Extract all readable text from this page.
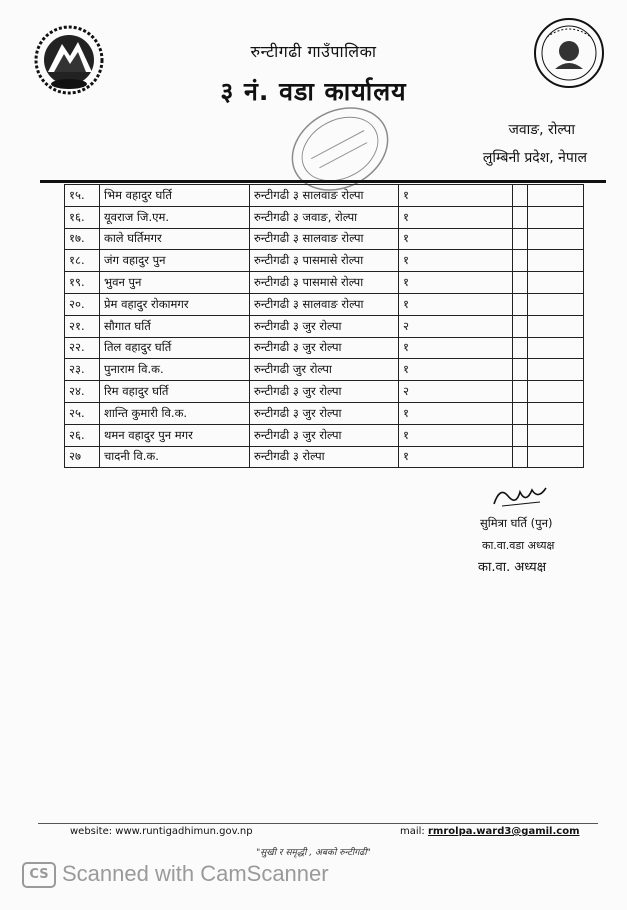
रुन्टीगढी गाउँपालिका
३ नं. वडा कार्यालय
जवाङ, रोल्पा
लुम्बिनी प्रदेश, नेपाल
१५.	भिम वहादुर घर्ति	रुन्टीगढी ३ सालवाङ रोल्पा	१		
१६.	यूवराज जि.एम.	रुन्टीगढी ३ जवाङ, रोल्पा	१		
१७.	काले घर्तिमगर	रुन्टीगढी ३ सालवाङ रोल्पा	१		
१८.	जंग वहादुर पुन	रुन्टीगढी ३ पासमासे रोल्पा	१		
१९.	भुवन पुन	रुन्टीगढी ३ पासमासे रोल्पा	१		
२०.	प्रेम वहादुर रोकामगर	रुन्टीगढी ३ सालवाङ रोल्पा	१		
२१.	सौगात घर्ति	रुन्टीगढी ३ जुर रोल्पा	२		
२२.	तिल वहादुर घर्ति	रुन्टीगढी ३ जुर रोल्पा	१		
२३.	पुनाराम वि.क.	रुन्टीगढी जुर रोल्पा	१		
२४.	रिम वहादुर घर्ति	रुन्टीगढी ३ जुर रोल्पा	२		
२५.	शान्ति कुमारी वि.क.	रुन्टीगढी ३ जुर रोल्पा	१		
२६.	थमन वहादुर पुन मगर	रुन्टीगढी ३ जुर रोल्पा	१		
२७	चादनी वि.क.	रुन्टीगढी ३ रोल्पा	१		
सुमित्रा घर्ति (पुन)
का.वा.वडा अध्यक्ष
का.वा. अध्यक्ष
website: www.runtigadhimun.gov.np	mail: rmrolpa.ward3@gamil.com
"सुखी र समृद्धी , अबको रुन्टीगढी"
CS Scanned with CamScanner
